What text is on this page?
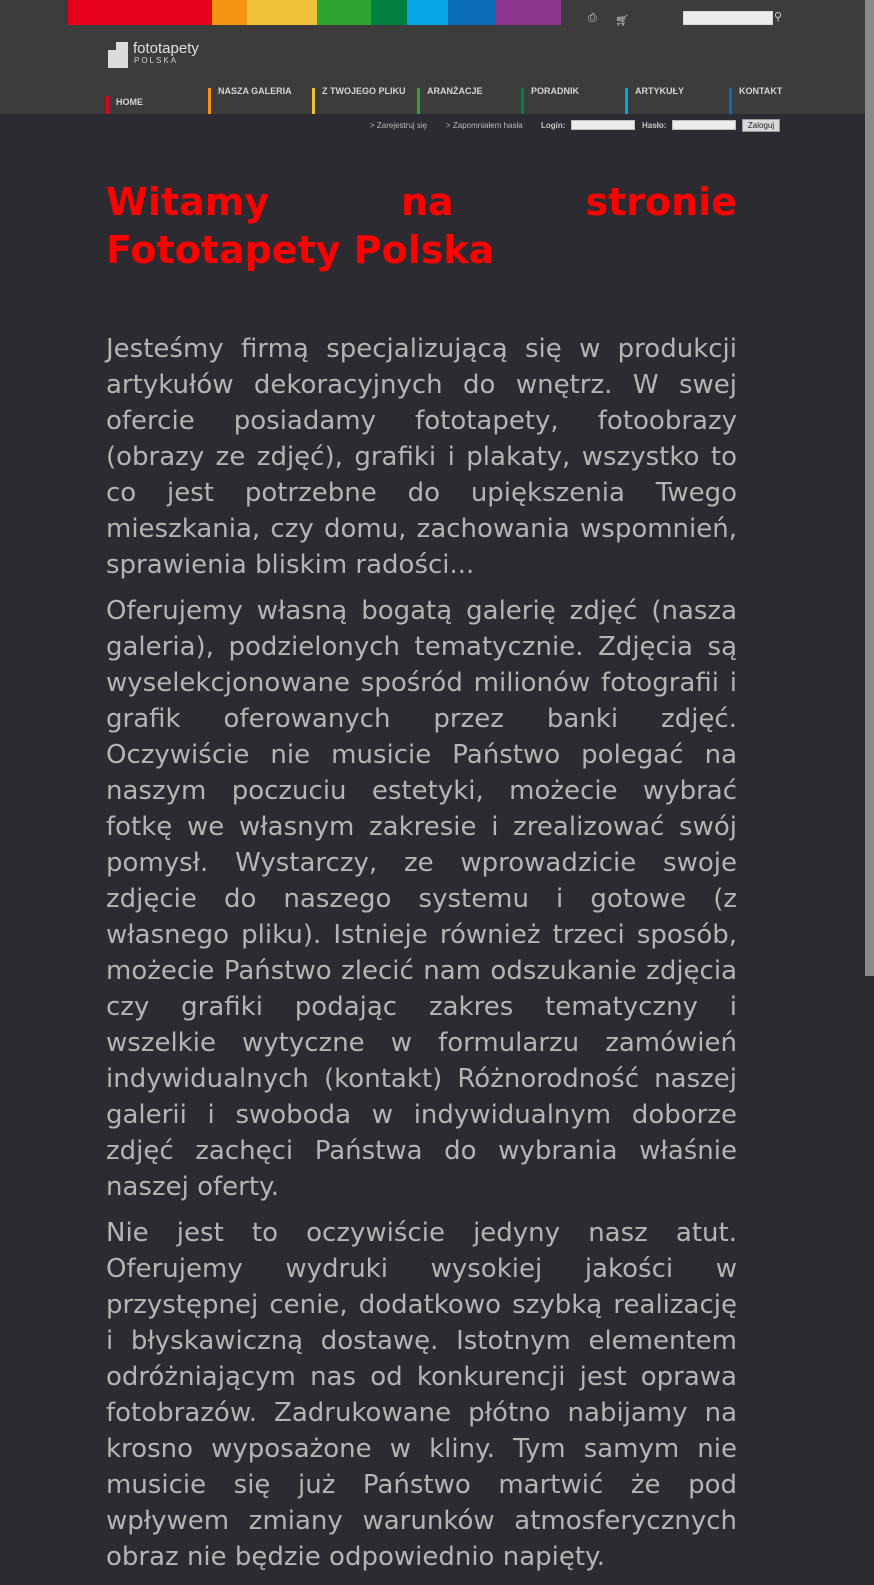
⎙ 🛒︎	⚲
fototapety
POLSKA
HOME
NASZA GALERIA	Z TWOJEGO PLIKU ARANŻACJE	PORADNIK	ARTYKUŁY	KONTAKT
> Zarejestruj się > Zapomniałem hasła Login:	Hasło:	Zaloguj
Witamy na stronie Fototapety Polska

Jesteśmy firmą specjalizującą się w produkcji artykułów dekoracyjnych do wnętrz. W swej ofercie posiadamy fototapety, fotoobrazy (obrazy ze zdjęć), grafiki i plakaty, wszystko to co jest potrzebne do upiększenia Twego mieszkania, czy domu, zachowania wspomnień, sprawienia bliskim radości...

Oferujemy własną bogatą galerię zdjęć (nasza galeria), podzielonych tematycznie. Zdjęcia są wyselekcjonowane spośród milionów fotografii i grafik oferowanych przez banki zdjęć. Oczywiście nie musicie Państwo polegać na naszym poczuciu estetyki, możecie wybrać fotkę we własnym zakresie i zrealizować swój pomysł. Wystarczy, ze wprowadzicie swoje zdjęcie do naszego systemu i gotowe (z własnego pliku). Istnieje również trzeci sposób, możecie Państwo zlecić nam odszukanie zdjęcia czy grafiki podając zakres tematyczny i wszelkie wytyczne w formularzu zamówień indywidualnych (kontakt) Różnorodność naszej galerii i swoboda w indywidualnym doborze zdjęć zachęci Państwa do wybrania właśnie naszej oferty.

Nie jest to oczywiście jedyny nasz atut. Oferujemy wydruki wysokiej jakości w przystępnej cenie, dodatkowo szybką realizację i błyskawiczną dostawę. Istotnym elementem odróżniającym nas od konkurencji jest oprawa fotobrazów. Zadrukowane płótno nabijamy na krosno wyposażone w kliny. Tym samym nie musicie się już Państwo martwić że pod wpływem zmiany warunków atmosferycznych obraz nie będzie odpowiednio napięty.
